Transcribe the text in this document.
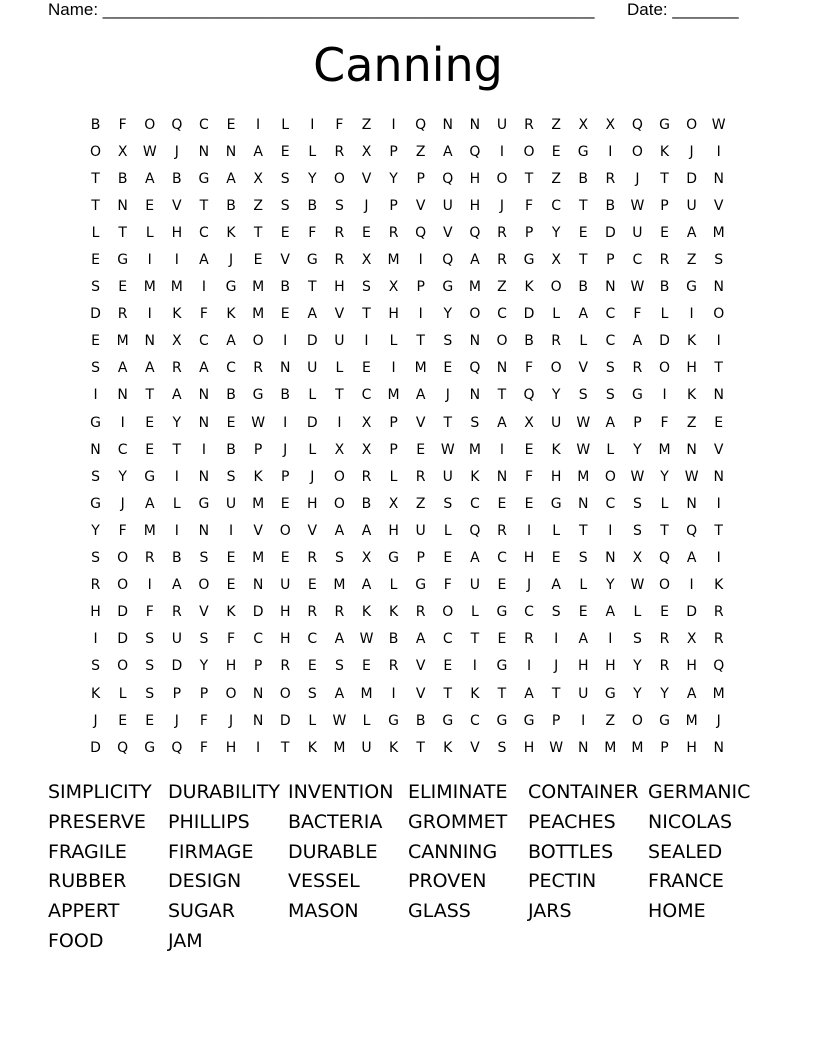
Name: ____________________________________________________ Date: _______
Canning
B	F	O	Q	C	E	I	L	I	F	Z	I	Q	N	N	U	R	Z	X	X	Q	G	O	W
O	X	W	J	N	N	A	E	L	R	X	P	Z	A	Q	I	O	E	G	I	O	K	J	I
T	B	A	B	G	A	X	S	Y	O	V	Y	P	Q	H	O	T	Z	B	R	J	T	D	N
T	N	E	V	T	B	Z	S	B	S	J	P	V	U	H	J	F	C	T	B	W	P	U	V
L	T	L	H	C	K	T	E	F	R	E	R	Q	V	Q	R	P	Y	E	D	U	E	A	M
E	G	I	I	A	J	E	V	G	R	X	M	I	Q	A	R	G	X	T	P	C	R	Z	S
S	E	M	M	I	G	M	B	T	H	S	X	P	G	M	Z	K	O	B	N	W	B	G	N
D	R	I	K	F	K	M	E	A	V	T	H	I	Y	O	C	D	L	A	C	F	L	I	O
E	M	N	X	C	A	O	I	D	U	I	L	T	S	N	O	B	R	L	C	A	D	K	I
S	A	A	R	A	C	R	N	U	L	E	I	M	E	Q	N	F	O	V	S	R	O	H	T
I	N	T	A	N	B	G	B	L	T	C	M	A	J	N	T	Q	Y	S	S	G	I	K	N
G	I	E	Y	N	E	W	I	D	I	X	P	V	T	S	A	X	U	W	A	P	F	Z	E
N	C	E	T	I	B	P	J	L	X	X	P	E	W	M	I	E	K	W	L	Y	M	N	V
S	Y	G	I	N	S	K	P	J	O	R	L	R	U	K	N	F	H	M	O	W	Y	W	N
G	J	A	L	G	U	M	E	H	O	B	X	Z	S	C	E	E	G	N	C	S	L	N	I
Y	F	M	I	N	I	V	O	V	A	A	H	U	L	Q	R	I	L	T	I	S	T	Q	T
S	O	R	B	S	E	M	E	R	S	X	G	P	E	A	C	H	E	S	N	X	Q	A	I
R	O	I	A	O	E	N	U	E	M	A	L	G	F	U	E	J	A	L	Y	W	O	I	K
H	D	F	R	V	K	D	H	R	R	K	K	R	O	L	G	C	S	E	A	L	E	D	R
I	D	S	U	S	F	C	H	C	A	W	B	A	C	T	E	R	I	A	I	S	R	X	R
S	O	S	D	Y	H	P	R	E	S	E	R	V	E	I	G	I	J	H	H	Y	R	H	Q
K	L	S	P	P	O	N	O	S	A	M	I	V	T	K	T	A	T	U	G	Y	Y	A	M
J	E	E	J	F	J	N	D	L	W	L	G	B	G	C	G	G	P	I	Z	O	G	M	J
D	Q	G	Q	F	H	I	T	K	M	U	K	T	K	V	S	H	W	N	M	M	P	H	N
SIMPLICITY DURABILITY INVENTION ELIMINATE	CONTAINER GERMANIC
PRESERVE	PHILLIPS	BACTERIA	GROMMET	PEACHES	NICOLAS
FRAGILE	FIRMAGE	DURABLE	CANNING	BOTTLES	SEALED
RUBBER	DESIGN	VESSEL	PROVEN	PECTIN	FRANCE
APPERT	SUGAR	MASON	GLASS	JARS	HOME
FOOD	JAM
